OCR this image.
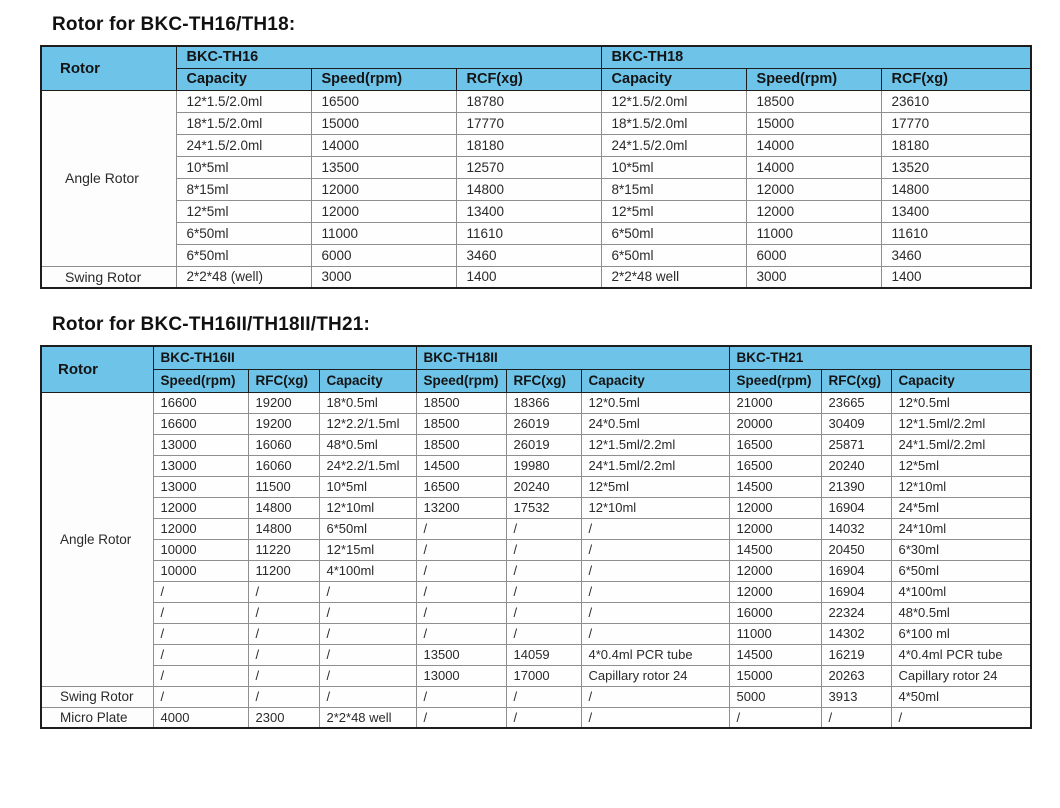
Rotor for BKC-TH16/TH18:
Rotor	BKC-TH16			BKC-TH18		
	Capacity	Speed(rpm)	RCF(xg)	Capacity	Speed(rpm)	RCF(xg)
Angle Rotor	12*1.5/2.0ml	16500	18780	12*1.5/2.0ml	18500	23610
	18*1.5/2.0ml	15000	17770	18*1.5/2.0ml	15000	17770
	24*1.5/2.0ml	14000	18180	24*1.5/2.0ml	14000	18180
	10*5ml	13500	12570	10*5ml	14000	13520
	8*15ml	12000	14800	8*15ml	12000	14800
	12*5ml	12000	13400	12*5ml	12000	13400
	6*50ml	11000	11610	6*50ml	11000	11610
	6*50ml	6000	3460	6*50ml	6000	3460
Swing Rotor	2*2*48 (well)	3000	1400	2*2*48 well	3000	1400
Rotor for BKC-TH16II/TH18II/TH21:
Rotor	BKC-TH16II			BKC-TH18II			BKC-TH21		
	Speed(rpm)	RFC(xg)	Capacity	Speed(rpm)	RFC(xg)	Capacity	Speed(rpm)	RFC(xg)	Capacity
Angle Rotor	16600	19200	18*0.5ml	18500	18366	12*0.5ml	21000	23665	12*0.5ml
	16600	19200	12*2.2/1.5ml	18500	26019	24*0.5ml	20000	30409	12*1.5ml/2.2ml
	13000	16060	48*0.5ml	18500	26019	12*1.5ml/2.2ml	16500	25871	24*1.5ml/2.2ml
	13000	16060	24*2.2/1.5ml	14500	19980	24*1.5ml/2.2ml	16500	20240	12*5ml
	13000	11500	10*5ml	16500	20240	12*5ml	14500	21390	12*10ml
	12000	14800	12*10ml	13200	17532	12*10ml	12000	16904	24*5ml
	12000	14800	6*50ml	/	/	/	12000	14032	24*10ml
	10000	11220	12*15ml	/	/	/	14500	20450	6*30ml
	10000	11200	4*100ml	/	/	/	12000	16904	6*50ml
	/	/	/	/	/	/	12000	16904	4*100ml
	/	/	/	/	/	/	16000	22324	48*0.5ml
	/	/	/	/	/	/	11000	14302	6*100 ml
	/	/	/	13500	14059	4*0.4ml PCR tube	14500	16219	4*0.4ml PCR tube
	/	/	/	13000	17000	Capillary rotor 24	15000	20263	Capillary rotor 24
Swing Rotor	/	/	/	/	/	/	5000	3913	4*50ml
Micro Plate	4000	2300	2*2*48 well	/	/	/	/	/	/
